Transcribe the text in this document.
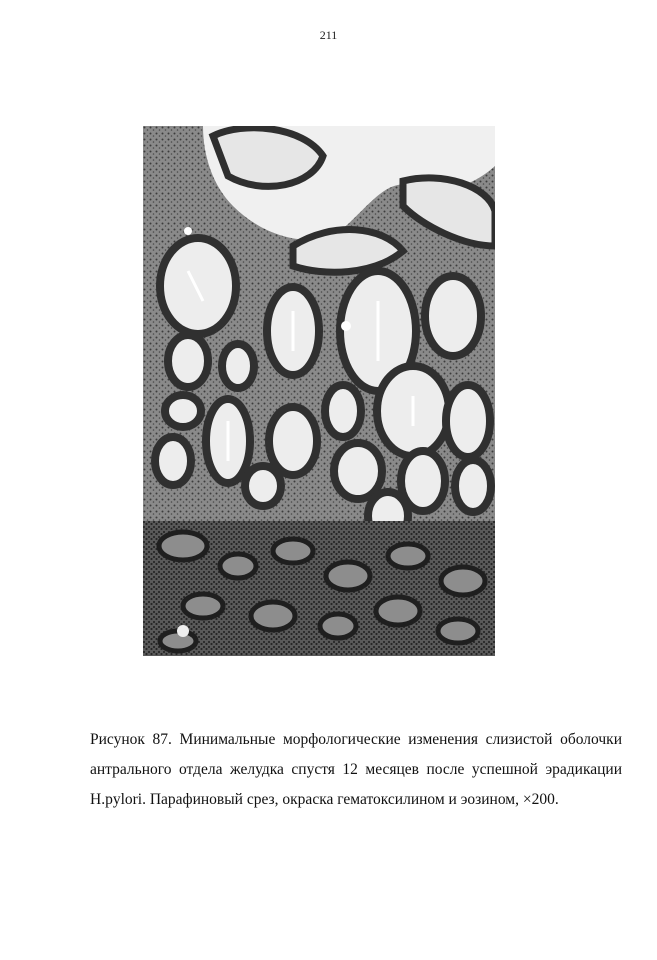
211
Рисунок 87. Минимальные морфологические изменения слизистой оболочки антрального отдела желудка спустя 12 месяцев после успешной эрадикации H.pylori. Парафиновый срез, окраска гематоксилином и эозином, ×200.
